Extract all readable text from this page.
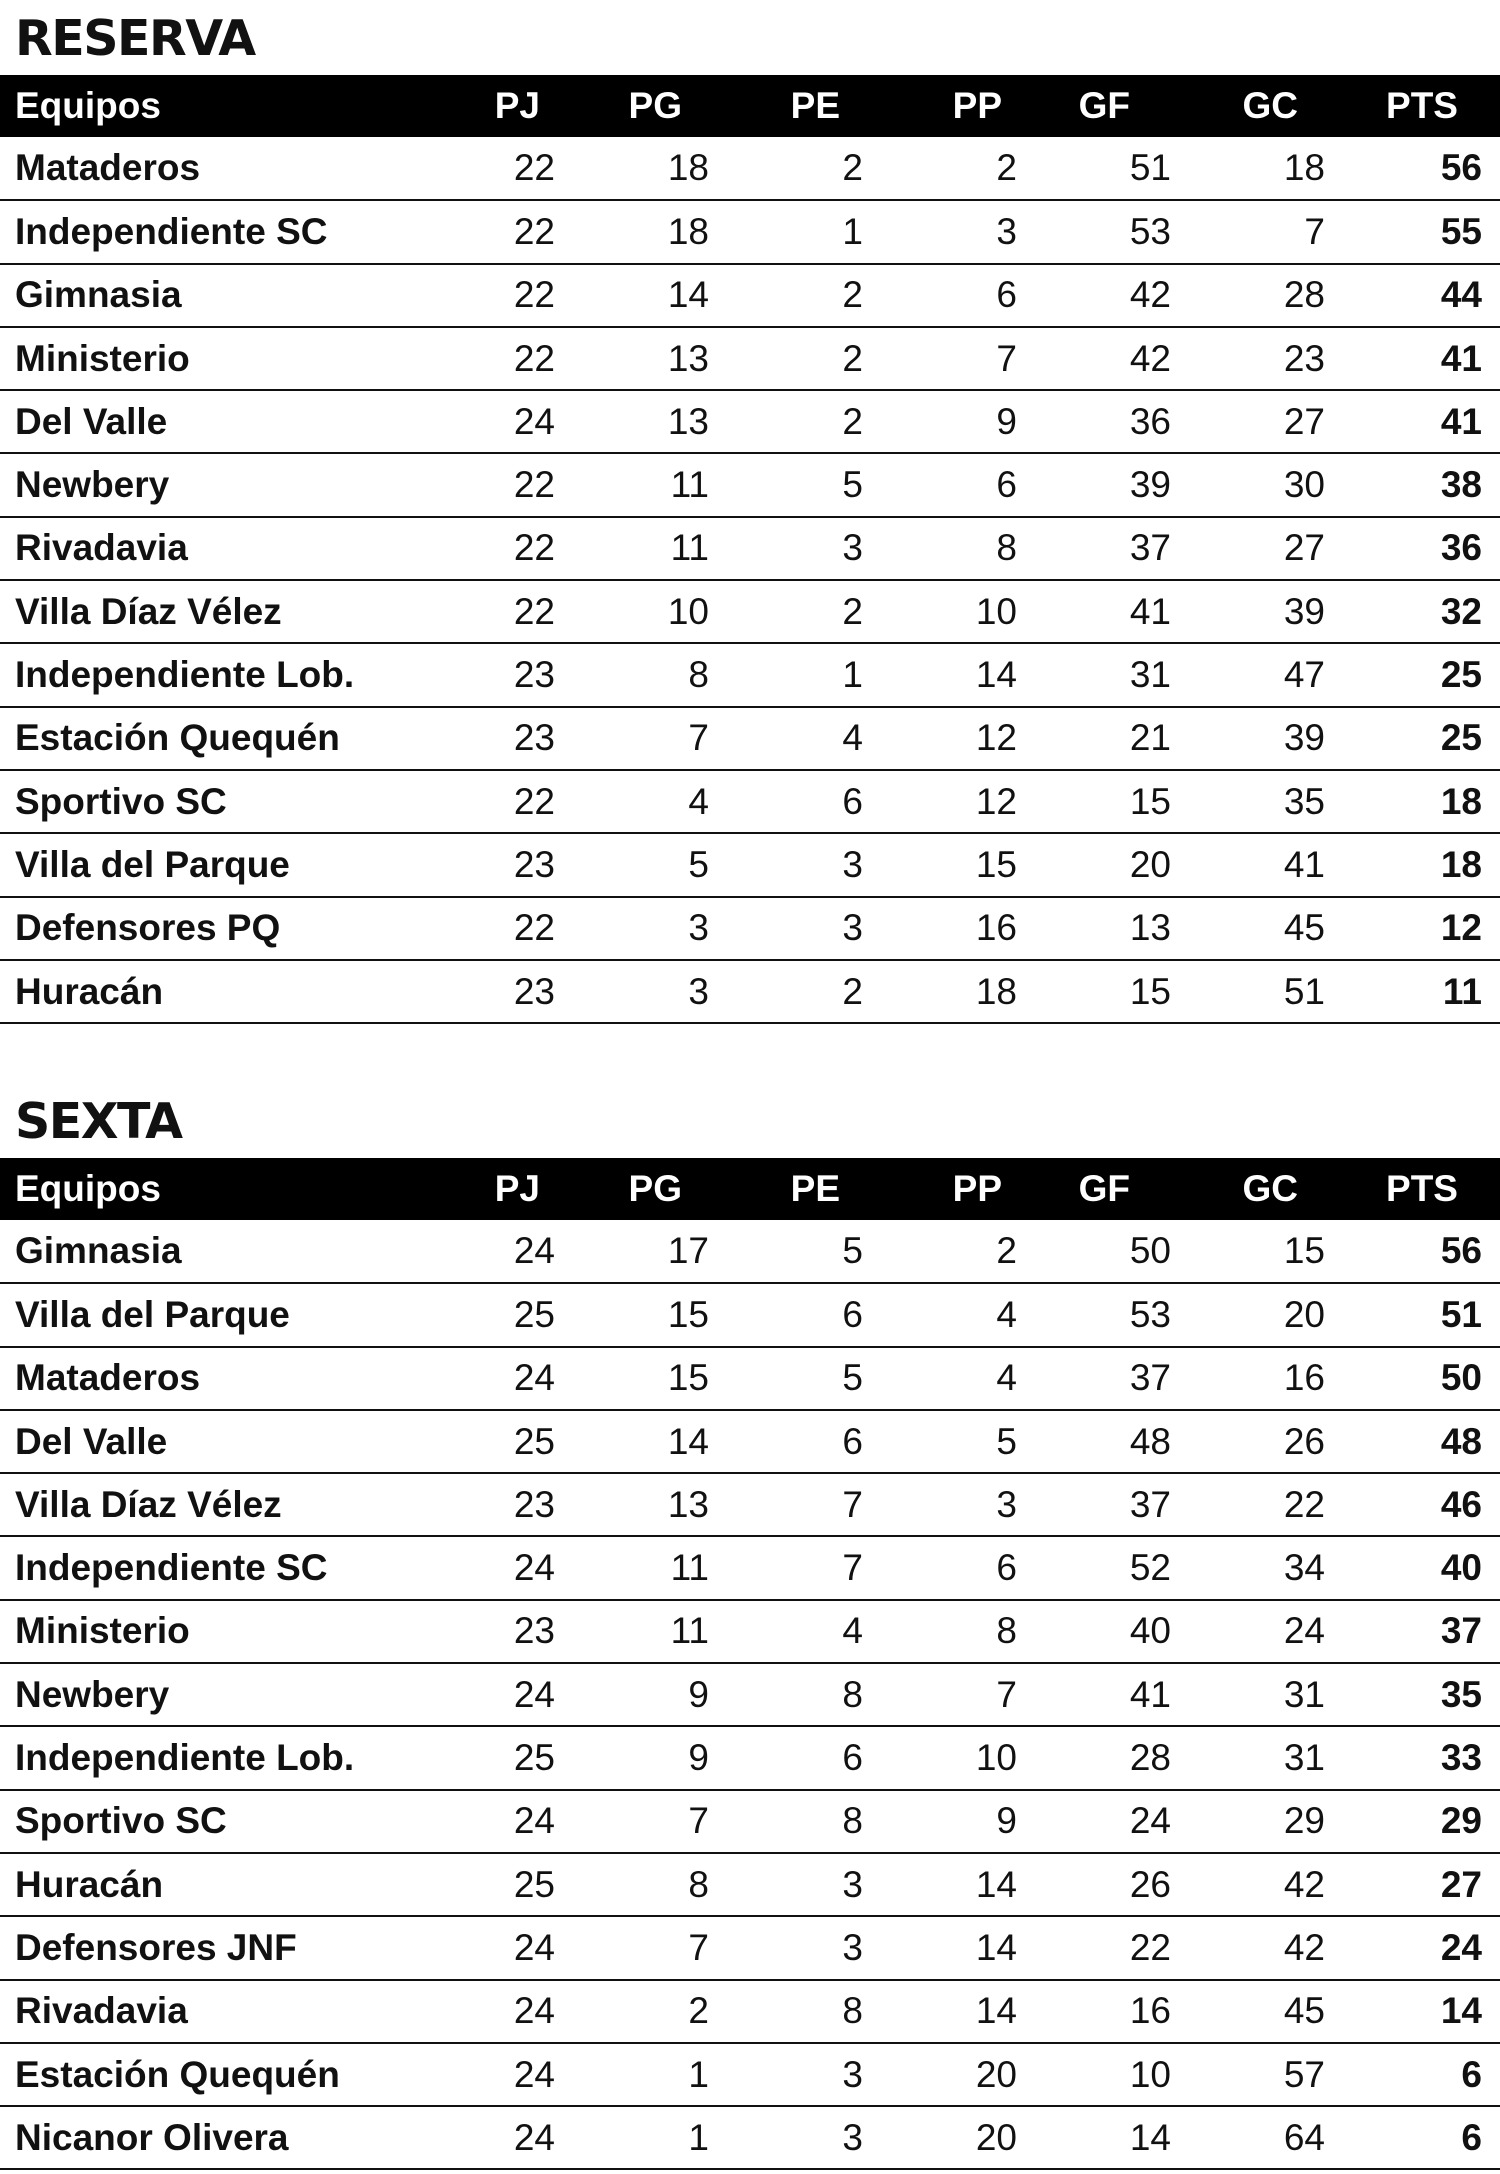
RESERVA
Equipos	PJ	PG	PE	PP	GF	GC	PTS
Mataderos	22	18	2	2	51	18	56
Independiente SC	22	18	1	3	53	7	55
Gimnasia	22	14	2	6	42	28	44
Ministerio	22	13	2	7	42	23	41
Del Valle	24	13	2	9	36	27	41
Newbery	22	11	5	6	39	30	38
Rivadavia	22	11	3	8	37	27	36
Villa Díaz Vélez	22	10	2	10	41	39	32
Independiente Lob.	23	8	1	14	31	47	25
Estación Quequén	23	7	4	12	21	39	25
Sportivo SC	22	4	6	12	15	35	18
Villa del Parque	23	5	3	15	20	41	18
Defensores PQ	22	3	3	16	13	45	12
Huracán	23	3	2	18	15	51	11
SEXTA
Equipos	PJ	PG	PE	PP	GF	GC	PTS
Gimnasia	24	17	5	2	50	15	56
Villa del Parque	25	15	6	4	53	20	51
Mataderos	24	15	5	4	37	16	50
Del Valle	25	14	6	5	48	26	48
Villa Díaz Vélez	23	13	7	3	37	22	46
Independiente SC	24	11	7	6	52	34	40
Ministerio	23	11	4	8	40	24	37
Newbery	24	9	8	7	41	31	35
Independiente Lob.	25	9	6	10	28	31	33
Sportivo SC	24	7	8	9	24	29	29
Huracán	25	8	3	14	26	42	27
Defensores JNF	24	7	3	14	22	42	24
Rivadavia	24	2	8	14	16	45	14
Estación Quequén	24	1	3	20	10	57	6
Nicanor Olivera	24	1	3	20	14	64	6
